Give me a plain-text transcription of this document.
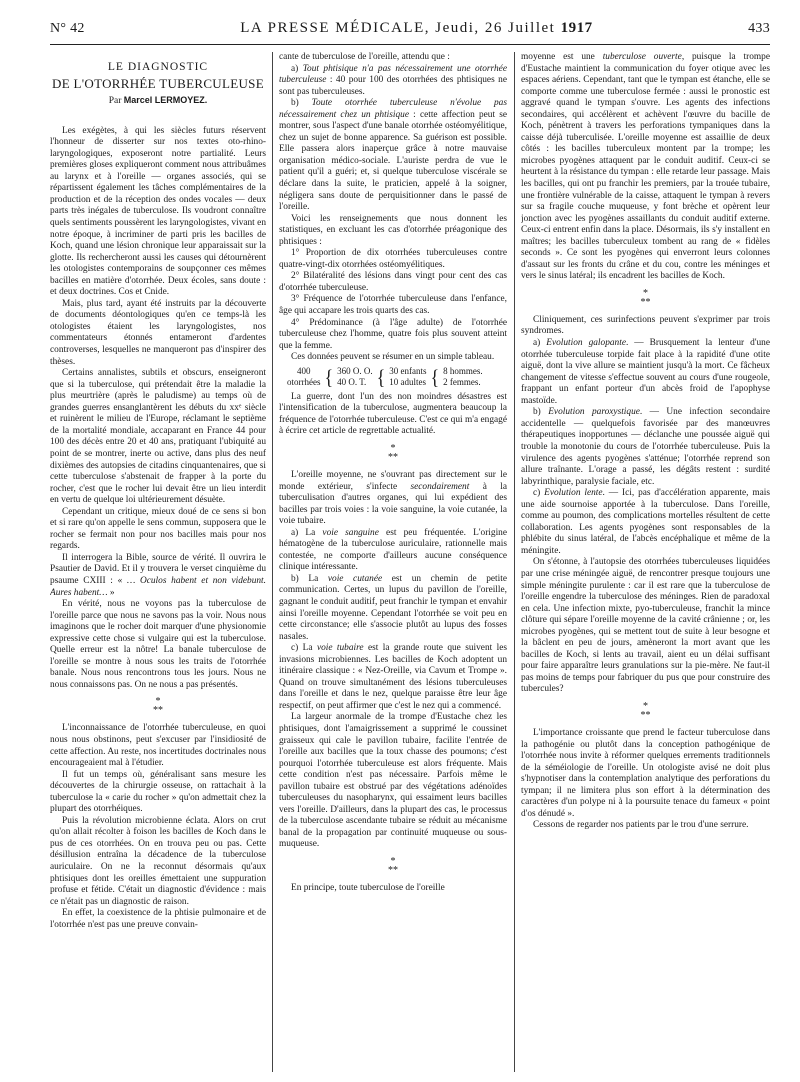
N° 42	LA PRESSE MÉDICALE, Jeudi, 26 Juillet 1917	433
LE DIAGNOSTIC
DE L'OTORRHÉE TUBERCULEUSE
Par Marcel LERMOYEZ.

Les exégètes, à qui les siècles futurs réservent l'honneur de disserter sur nos textes oto-rhino-laryngologiques, exposeront notre partialité. Leurs premières gloses expliqueront comment nous attribuâmes au larynx et à l'oreille — organes associés, qui se répartissent également les tâches complémentaires de la production et de la réception des ondes vocales — deux parts très inégales de tuberculose. Ils voudront connaître quels sentiments poussèrent les laryngologistes, vivant en notre époque, à incriminer de parti pris les bacilles de Koch, quand une lésion chronique leur apparaissait sur la glotte. Ils rechercheront aussi les causes qui détournèrent les otologistes contemporains de soupçonner ces mêmes bacilles en matière d'otorrhée. Deux écoles, sans doute : et deux doctrines. Cos et Cnide.

Mais, plus tard, ayant été instruits par la découverte de documents déontologiques qu'en ce temps-là les otologistes étaient les laryngologistes, nos commentateurs étonnés entameront d'ardentes controverses, lesquelles ne manqueront pas d'inspirer des thèses.

Certains annalistes, subtils et obscurs, enseigneront que si la tuberculose, qui prétendait être la maladie la plus meurtrière (après le paludisme) au temps où de grandes guerres ensanglantèrent les débuts du xxᵉ siècle et ruinèrent le milieu de l'Europe, réclamant le septième de la mortalité mondiale, accaparant en France 44 pour 100 des décès entre 20 et 40 ans, pratiquant l'ubiquité au point de se montrer, inerte ou active, dans plus des neuf dixièmes des autopsies de citadins cinquantenaires, que si cette tuberculose s'abstenait de frapper à la porte du rocher, c'est que le rocher lui devait être un lieu interdit en vertu de quelque loi ultérieurement désuète.

Cependant un critique, mieux doué de ce sens si bon et si rare qu'on appelle le sens commun, supposera que le rocher se fermait non pour nos bacilles mais pour nos regards.

Il interrogera la Bible, source de vérité. Il ouvrira le Psautier de David. Et il y trouvera le verset cinquième du psaume CXIII : « … Oculos habent et non videbunt. Aures habent… »

En vérité, nous ne voyons pas la tuberculose de l'oreille parce que nous ne savons pas la voir. Nous nous imaginons que le rocher doit marquer d'une physionomie expressive cette chose si vulgaire qui est la tuberculose. Quelle erreur est la nôtre! La banale tuberculose de l'oreille se montre à nous sous les traits de l'otorrhée banale. Nous nous rencontrons tous les jours. Nous ne nous connaissons pas. On ne nous a pas présentés.

*
**

L'inconnaissance de l'otorrhée tuberculeuse, en quoi nous nous obstinons, peut s'excuser par l'insidiosité de cette affection. Au reste, nos incertitudes doctrinales nous encourageaient mal à l'étudier.

Il fut un temps où, généralisant sans mesure les découvertes de la chirurgie osseuse, on rattachait à la tuberculose la « carie du rocher » qu'on admettait chez la plupart des otorrhéiques.

Puis la révolution microbienne éclata. Alors on crut qu'on allait récolter à foison les bacilles de Koch dans le pus de ces otorrhées. On en trouva peu ou pas. Cette désillusion entraîna la décadence de la tuberculose auriculaire. On ne la reconnut désormais qu'aux phtisiques dont les oreilles émettaient une suppuration profuse et fétide. C'était un diagnostic d'évidence : mais ce n'était pas un diagnostic de raison.

En effet, la coexistence de la phtisie pulmonaire et de l'otorrhée n'est pas une preuve convain-

cante de tuberculose de l'oreille, attendu que :

a) Tout phtisique n'a pas nécessairement une otorrhée tuberculeuse : 40 pour 100 des otorrhées des phtisiques ne sont pas tuberculeuses.

b) Toute otorrhée tuberculeuse n'évolue pas nécessairement chez un phtisique : cette affection peut se montrer, sous l'aspect d'une banale otorrhée ostéomyélitique, chez un sujet de bonne apparence. Sa guérison est possible. Elle passera alors inaperçue grâce à notre mauvaise organisation médico-sociale. L'auriste perdra de vue le patient qu'il a guéri; et, si quelque tuberculose viscérale se déclare dans la suite, le praticien, appelé à la soigner, négligera sans doute de perquisitionner dans le passé de l'oreille.

Voici les renseignements que nous donnent les statistiques, en excluant les cas d'otorrhée préagonique des phtisiques :

1° Proportion de dix otorrhées tuberculeuses contre quatre-vingt-dix otorrhées ostéomyélitiques.

2° Bilatéralité des lésions dans vingt pour cent des cas d'otorrhée tuberculeuse.

3° Fréquence de l'otorrhée tuberculeuse dans l'enfance, âge qui accapare les trois quarts des cas.

4° Prédominance (à l'âge adulte) de l'otorrhée tuberculeuse chez l'homme, quatre fois plus souvent atteint que la femme.

Ces données peuvent se résumer en un simple tableau.

400
otorrhées { 360 O. O.
40 O. T. { 30 enfants
10 adultes { 8 hommes.
2 femmes.

La guerre, dont l'un des non moindres désastres est l'intensification de la tuberculose, augmentera beaucoup la fréquence de l'otorrhée tuberculeuse. C'est ce qui m'a engagé à écrire cet article de regrettable actualité.

*
**

L'oreille moyenne, ne s'ouvrant pas directement sur le monde extérieur, s'infecte secondairement à la tuberculisation d'autres organes, qui lui expédient des bacilles par trois voies : la voie sanguine, la voie cutanée, la voie tubaire.

a) La voie sanguine est peu fréquentée. L'origine hématogène de la tuberculose auriculaire, rationnelle mais contestée, ne comporte d'ailleurs aucune conséquence clinique intéressante.

b) La voie cutanée est un chemin de petite communication. Certes, un lupus du pavillon de l'oreille, gagnant le conduit auditif, peut franchir le tympan et envahir ainsi l'oreille moyenne. Cependant l'otorrhée se voit peu en cette circonstance; elle s'associe plutôt au lupus des fosses nasales.

c) La voie tubaire est la grande route que suivent les invasions microbiennes. Les bacilles de Koch adoptent un itinéraire classique : « Nez-Oreille, via Cavum et Trompe ». Quand on trouve simultanément des lésions tuberculeuses dans l'oreille et dans le nez, quelque paraisse être leur âge respectif, on peut affirmer que c'est le nez qui a commencé.

La largeur anormale de la trompe d'Eustache chez les phtisiques, dont l'amaigrissement a supprimé le coussinet graisseux qui cale le pavillon tubaire, facilite l'entrée de l'oreille aux bacilles que la toux chasse des poumons; c'est pourquoi l'otorrhée tuberculeuse est alors fréquente. Mais cette condition n'est pas nécessaire. Parfois même le pavillon tubaire est obstrué par des végétations adénoïdes tuberculeuses du nasopharynx, qui essaiment leurs bacilles vers l'oreille. D'ailleurs, dans la plupart des cas, le processus de la tuberculose ascendante tubaire se réduit au mécanisme banal de la propagation par continuité muqueuse ou sous-muqueuse.

*
**

En principe, toute tuberculose de l'oreille

moyenne est une tuberculose ouverte, puisque la trompe d'Eustache maintient la communication du foyer otique avec les espaces aériens. Cependant, tant que le tympan est étanche, elle se comporte comme une tuberculose fermée : aussi le pronostic est aggravé quand le tympan s'ouvre. Les agents des infections secondaires, qui accélèrent et achèvent l'œuvre du bacille de Koch, pénètrent à travers les perforations tympaniques dans la caisse déjà tuberculisée. L'oreille moyenne est assaillie de deux côtés : les bacilles tuberculeux montent par la trompe; les microbes pyogènes attaquent par le conduit auditif. Ceux-ci se heurtent à la résistance du tympan : elle retarde leur passage. Mais les bacilles, qui ont pu franchir les premiers, par la trouée tubaire, une frontière vulnérable de la caisse, attaquent le tympan à revers sur sa fragile couche muqueuse, y font brèche et opèrent leur jonction avec les pyogènes assaillants du conduit auditif externe. Ceux-ci entrent enfin dans la place. Désormais, ils s'y installent en maîtres; les bacilles tuberculeux tombent au rang de « fidèles seconds ». Ce sont les pyogènes qui enverront leurs colonnes d'assaut sur les fronts du crâne et du cou, contre les méninges et vers le sinus latéral; ils encadrent les bacilles de Koch.

*
**

Cliniquement, ces surinfections peuvent s'exprimer par trois syndromes.

a) Evolution galopante. — Brusquement la lenteur d'une otorrhée tuberculeuse torpide fait place à la rapidité d'une otite aiguë, dont la vive allure se maintient jusqu'à la mort. Ce fâcheux changement de vitesse s'effectue souvent au cours d'une rougeole, frappant un enfant porteur d'un abcès froid de l'apophyse mastoïde.

b) Evolution paroxystique. — Une infection secondaire accidentelle — quelquefois favorisée par des manœuvres thérapeutiques inopportunes — déclanche une poussée aiguë qui trouble la monotonie du cours de l'otorrhée tuberculeuse. Puis la virulence des agents pyogènes s'atténue; l'otorrhée reprend son allure traînante. L'orage a passé, les dégâts restent : surdité labyrinthique, paralysie faciale, etc.

c) Evolution lente. — Ici, pas d'accélération apparente, mais une aide sournoise apportée à la tuberculose. Dans l'oreille, comme au poumon, des complications mortelles résultent de cette collaboration. Les agents pyogènes sont responsables de la phlébite du sinus latéral, de l'abcès encéphalique et même de la méningite.

On s'étonne, à l'autopsie des otorrhées tuberculeuses liquidées par une crise méningée aiguë, de rencontrer presque toujours une simple méningite purulente : car il est rare que la tuberculose de l'oreille engendre la tuberculose des méninges. Rien de paradoxal en cela. Une infection mixte, pyo-tuberculeuse, franchit la mince clôture qui sépare l'oreille moyenne de la cavité crânienne ; or, les microbes pyogènes, qui se mettent tout de suite à leur besogne et la bâclent en peu de jours, amèneront la mort avant que les bacilles de Koch, si lents au travail, aient eu un délai suffisant pour faire apparaître leurs granulations sur la pie-mère. Ne faut-il pas moins de temps pour fabriquer du pus que pour construire des tubercules?

*
**

L'importance croissante que prend le facteur tuberculose dans la pathogénie ou plutôt dans la conception pathogénique de l'otorrhée nous invite à réformer quelques errements traditionnels de la séméiologie de l'oreille. Un otologiste avisé ne doit plus s'hypnotiser dans la contemplation analytique des perforations du tympan; il ne limitera plus son effort à la détermination des caractères d'un polype ni à la poursuite tenace du fameux « point d'os dénudé ».

Cessons de regarder nos patients par le trou d'une serrure.
